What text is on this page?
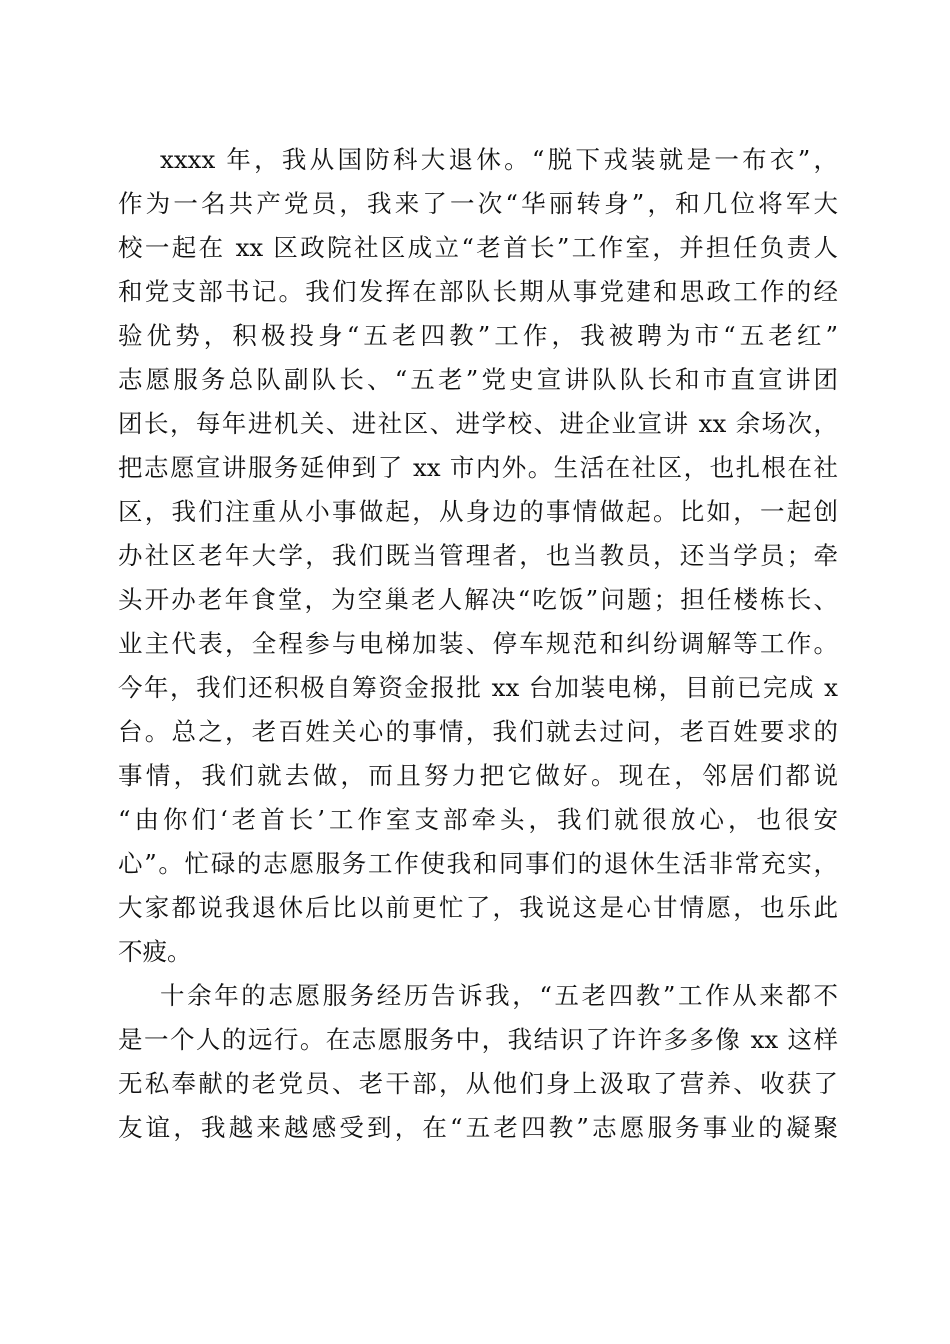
xxxx 年，我从国防科大退休。“脱下戎装就是一布衣”，
作为一名共产党员，我来了一次“华丽转身”，和几位将军大
校一起在 xx 区政院社区成立“老首长”工作室，并担任负责人
和党支部书记。我们发挥在部队长期从事党建和思政工作的经
验优势，积极投身“五老四教”工作，我被聘为市“五老红”
志愿服务总队副队长、“五老”党史宣讲队队长和市直宣讲团
团长，每年进机关、进社区、进学校、进企业宣讲 xx 余场次，
把志愿宣讲服务延伸到了 xx 市内外。生活在社区，也扎根在社
区，我们注重从小事做起，从身边的事情做起。比如，一起创
办社区老年大学，我们既当管理者，也当教员，还当学员；牵
头开办老年食堂，为空巢老人解决“吃饭”问题；担任楼栋长、
业主代表，全程参与电梯加装、停车规范和纠纷调解等工作。
今年，我们还积极自筹资金报批 xx 台加装电梯，目前已完成 x
台。总之，老百姓关心的事情，我们就去过问，老百姓要求的
事情，我们就去做，而且努力把它做好。现在，邻居们都说
“由你们‘老首长’工作室支部牵头，我们就很放心，也很安
心”。忙碌的志愿服务工作使我和同事们的退休生活非常充实，
大家都说我退休后比以前更忙了，我说这是心甘情愿，也乐此
不疲。
十余年的志愿服务经历告诉我，“五老四教”工作从来都不
是一个人的远行。在志愿服务中，我结识了许许多多像 xx 这样
无私奉献的老党员、老干部，从他们身上汲取了营养、收获了
友谊，我越来越感受到，在“五老四教”志愿服务事业的凝聚
